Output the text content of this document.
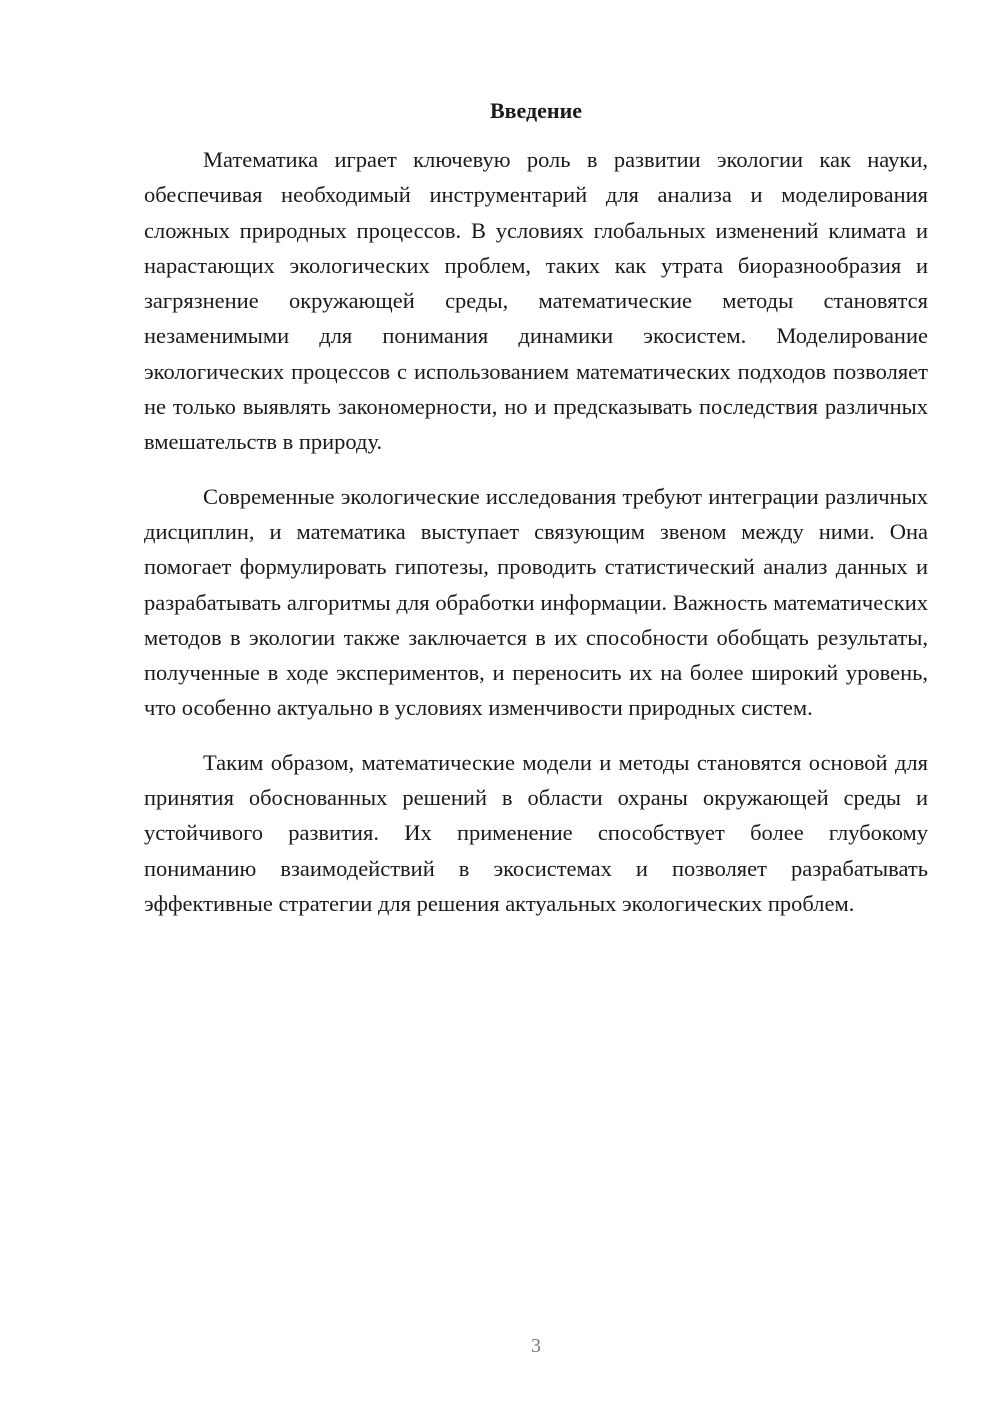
Введение

Математика играет ключевую роль в развитии экологии как науки, обеспечивая необходимый инструментарий для анализа и моделирования сложных природных процессов. В условиях глобальных изменений климата и нарастающих экологических проблем, таких как утрата биоразнообразия и загрязнение окружающей среды, математические методы становятся незаменимыми для понимания динамики экосистем. Моделирование экологических процессов с использованием математических подходов позволяет не только выявлять закономерности, но и предсказывать последствия различных вмешательств в природу.

Современные экологические исследования требуют интеграции различных дисциплин, и математика выступает связующим звеном между ними. Она помогает формулировать гипотезы, проводить статистический анализ данных и разрабатывать алгоритмы для обработки информации. Важность математических методов в экологии также заключается в их способности обобщать результаты, полученные в ходе экспериментов, и переносить их на более широкий уровень, что особенно актуально в условиях изменчивости природных систем.

Таким образом, математические модели и методы становятся основой для принятия обоснованных решений в области охраны окружающей среды и устойчивого развития. Их применение способствует более глубокому пониманию взаимодействий в экосистемах и позволяет разрабатывать эффективные стратегии для решения актуальных экологических проблем.

3
